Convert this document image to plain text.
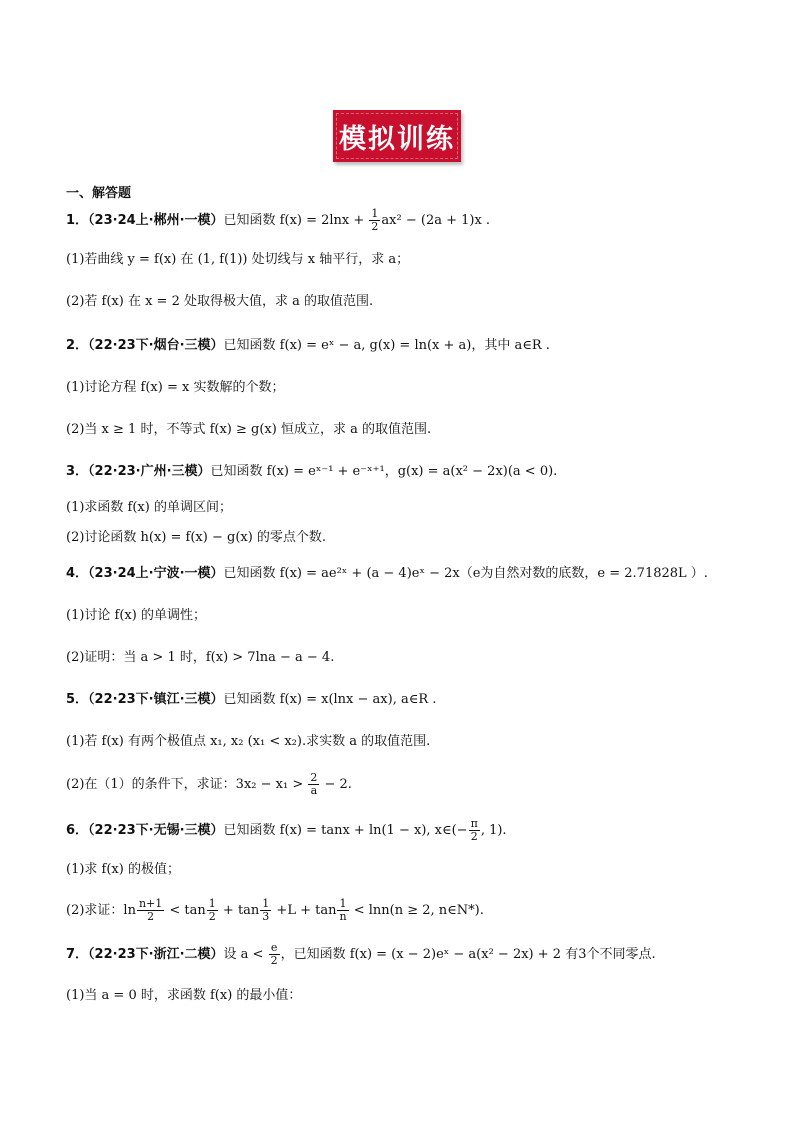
模拟训练
一、解答题
1．（23·24上·郴州·一模）已知函数 $f(x) = 2\ln x + \frac{1}{2} ax^2 - (2a + 1)x$ .
(1)若曲线 y = f(x) 在 (1, f(1)) 处切线与 x 轴平行，求 a；
(2)若 f(x) 在 x = 2 处取得极大值，求 a 的取值范围.
2．（22·23下·烟台·三模）已知函数 f(x) = eˣ − a, g(x) = ln(x + a)，其中 a∈R .
(1)讨论方程 f(x) = x 实数解的个数；
(2)当 x ≥ 1 时，不等式 f(x) ≥ g(x) 恒成立，求 a 的取值范围.
3．（22·23·广州·三模）已知函数 f(x) = eˣ⁻¹ + e⁻ˣ⁺¹，g(x) = a(x² − 2x)(a < 0).
(1)求函数 f(x) 的单调区间；
(2)讨论函数 h(x) = f(x) − g(x) 的零点个数.
4．（23·24上·宁波·一模）已知函数 f(x) = ae²ˣ + (a − 4)eˣ − 2x（e为自然对数的底数，e = 2.71828L ）.
(1)讨论 f(x) 的单调性；
(2)证明：当 a > 1 时，f(x) > 7lna − a − 4.
5．（22·23下·镇江·三模）已知函数 f(x) = x(lnx − ax), a∈R .
(1)若 f(x) 有两个极值点 x₁, x₂ (x₁ < x₂).求实数 a 的取值范围.
(2)在（1）的条件下，求证：$3x_2 - x_1 > \frac{2}{a} - 2$.
6．（22·23下·无锡·三模）已知函数 f(x) = tanx + ln(1 − x), x∈(− $\frac{\pi}{2}$ , 1).
(1)求 f(x) 的极值；
(2)求证：$\ln \frac{n+1}{2} < \tan \frac{1}{2} + \tan \frac{1}{3} +L + \tan \frac{1}{n} < \ln n(n \ge 2$, n∈N*).
7．（22·23下·浙江·二模）设 $a < \frac{e}{2}$ ，已知函数 f(x) = (x − 2)eˣ − a(x² − 2x) + 2 有3个不同零点.
(1)当 a = 0 时，求函数 f(x) 的最小值：
